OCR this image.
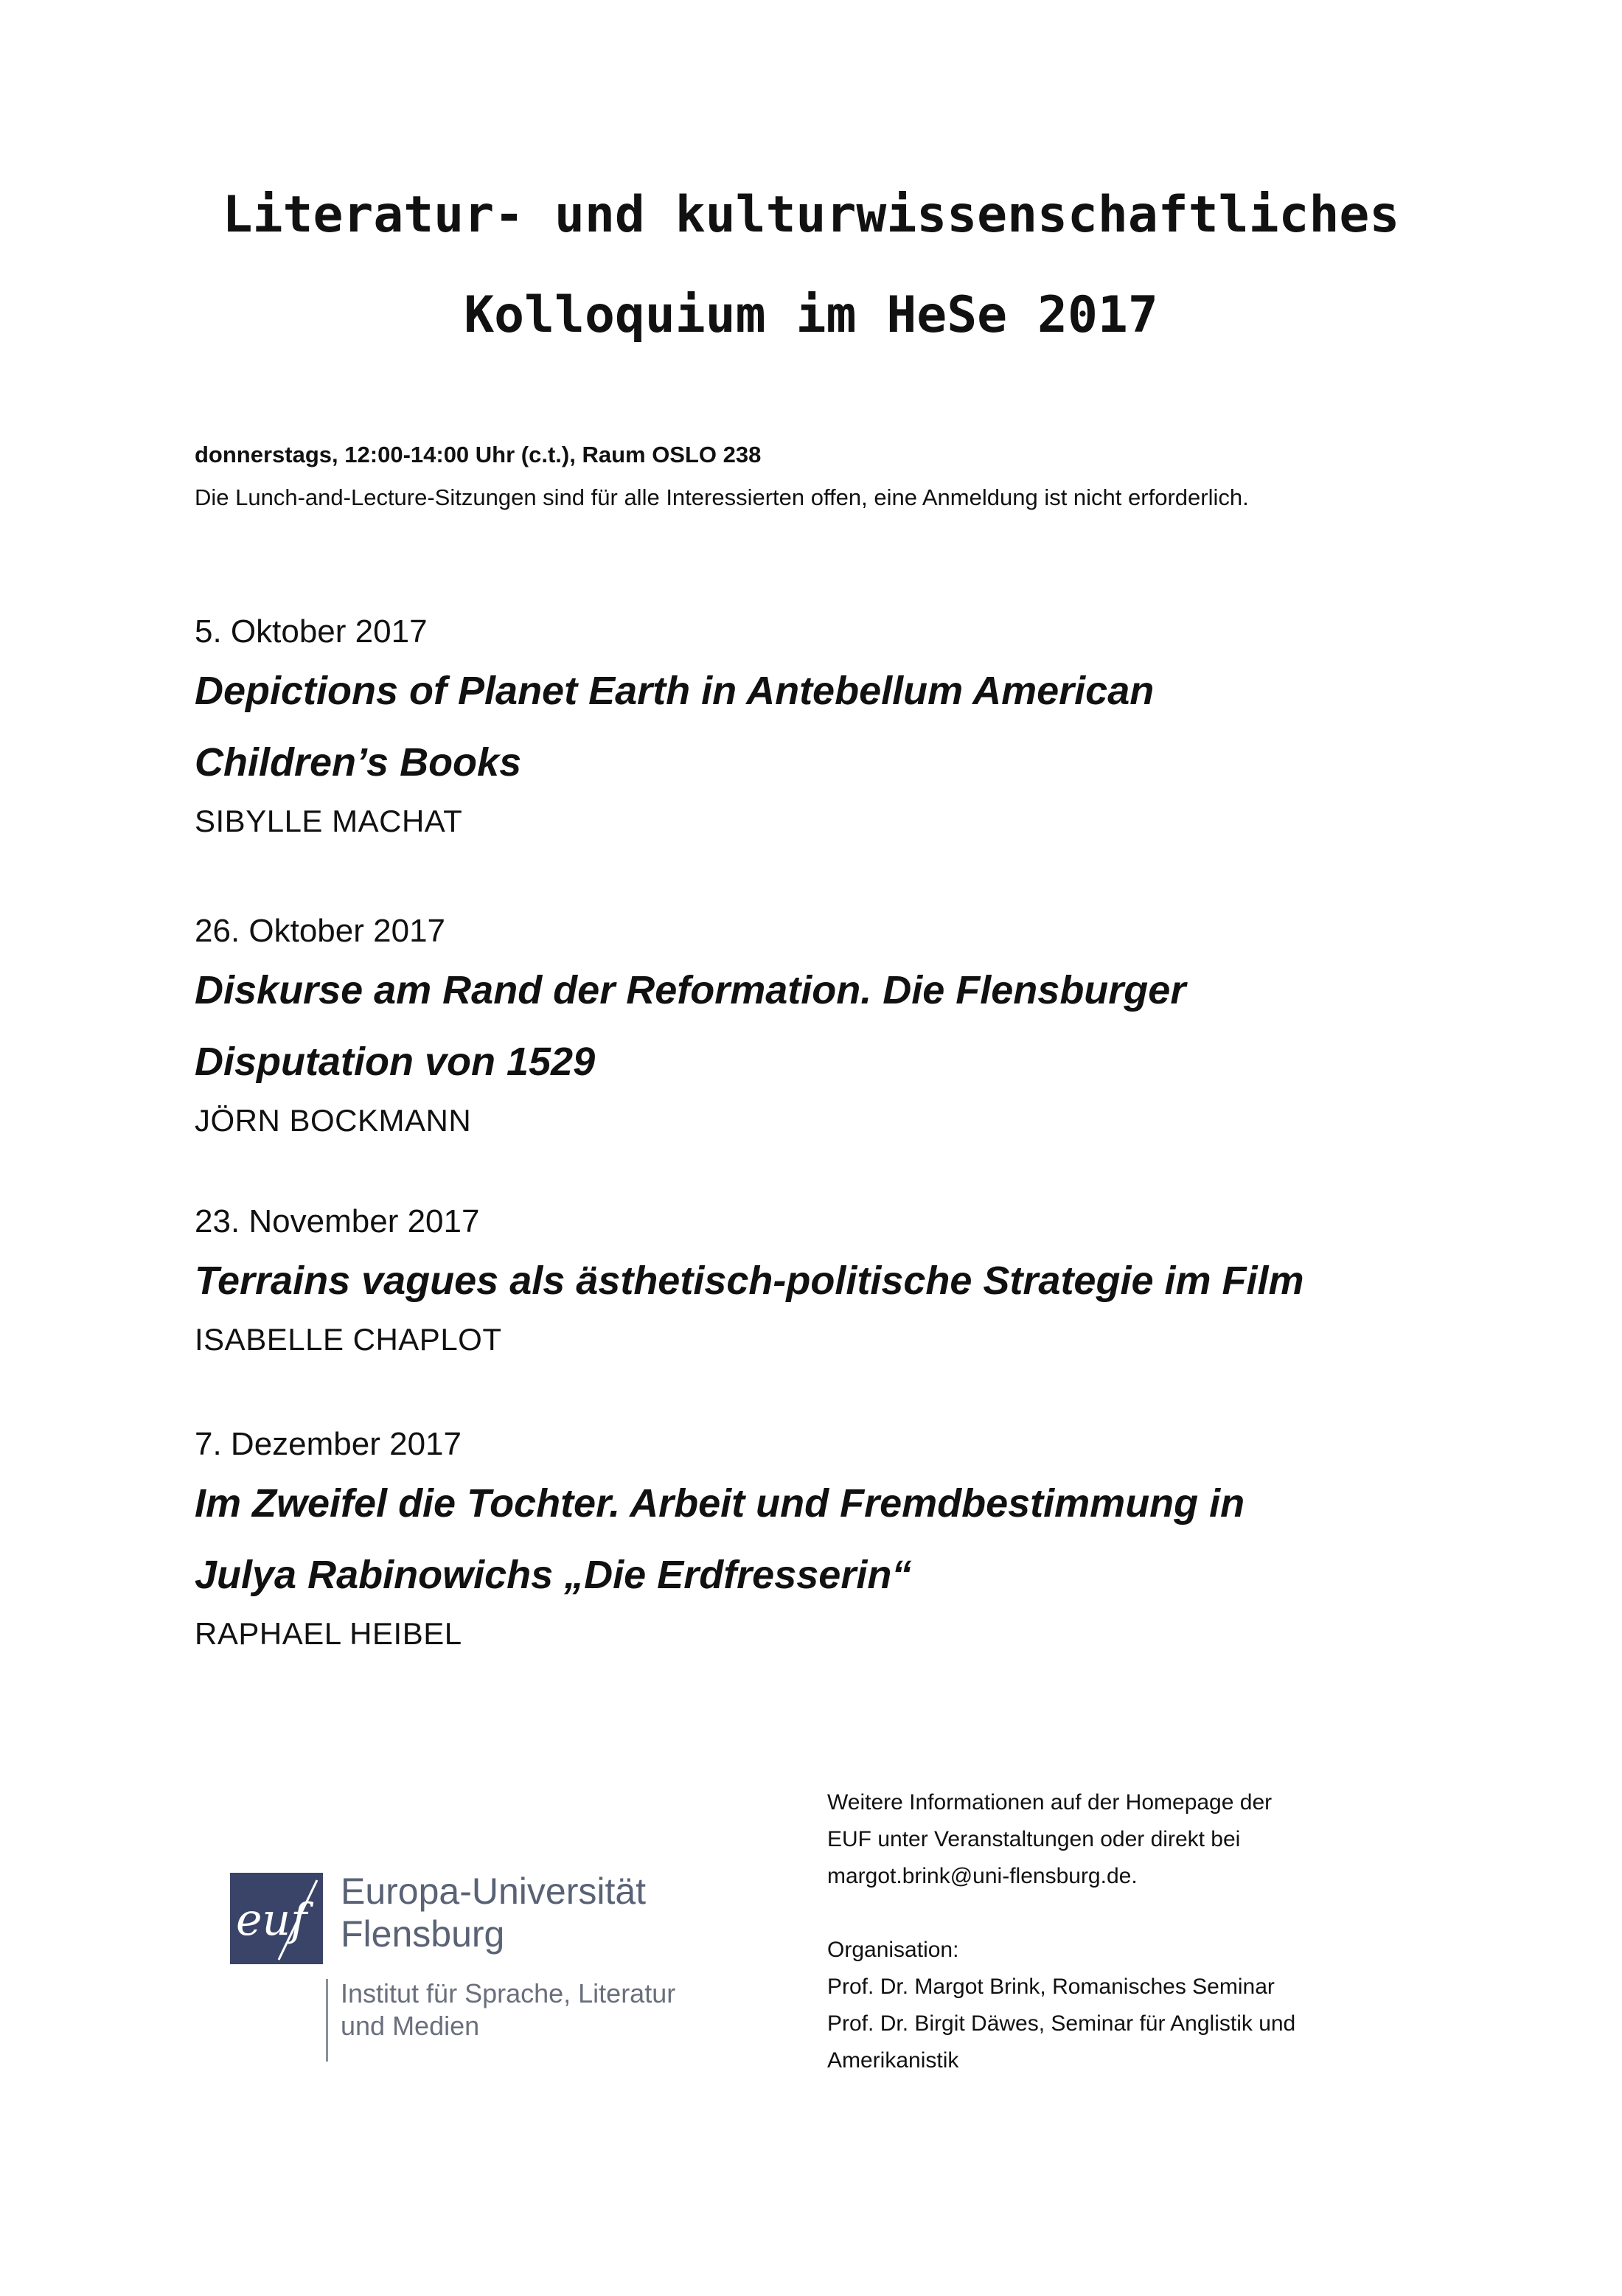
Literatur- und kulturwissenschaftliches
Kolloquium im HeSe 2017
donnerstags, 12:00-14:00 Uhr (c.t.), Raum OSLO 238
Die Lunch-and-Lecture-Sitzungen sind für alle Interessierten offen, eine Anmeldung ist nicht erforderlich.
5. Oktober 2017
Depictions of Planet Earth in Antebellum American
Children’s Books
SIBYLLE MACHAT
26. Oktober 2017
Diskurse am Rand der Reformation. Die Flensburger
Disputation von 1529
JÖRN BOCKMANN
23. November 2017
Terrains vagues als ästhetisch-politische Strategie im Film
ISABELLE CHAPLOT
7. Dezember 2017
Im Zweifel die Tochter. Arbeit und Fremdbestimmung in
Julya Rabinowichs „Die Erdfresserin“
RAPHAEL HEIBEL
euf
Europa-Universität
Flensburg
Institut für Sprache, Literatur
und Medien

Weitere Informationen auf der Homepage der

EUF unter Veranstaltungen oder direkt bei

margot.brink@uni-flensburg.de.

Organisation:

Prof. Dr. Margot Brink, Romanisches Seminar

Prof. Dr. Birgit Däwes, Seminar für Anglistik und

Amerikanistik
